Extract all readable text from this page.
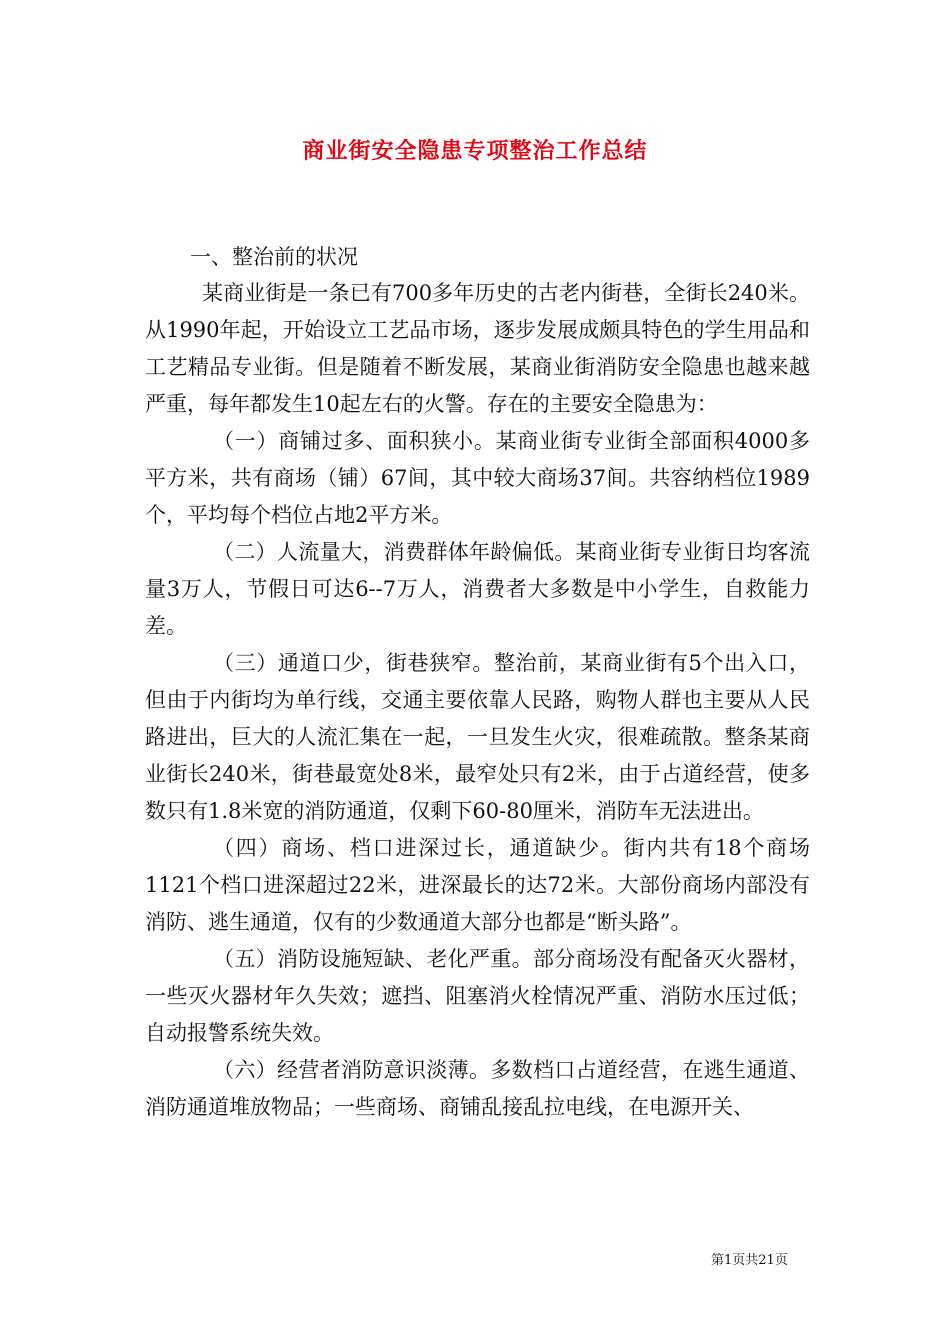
商业街安全隐患专项整治工作总结
一、整治前的状况

某商业街是一条已有700多年历史的古老内街巷，全街长240米。从1990年起，开始设立工艺品市场，逐步发展成颇具特色的学生用品和工艺精品专业街。但是随着不断发展，某商业街消防安全隐患也越来越严重，每年都发生10起左右的火警。存在的主要安全隐患为：

（一）商铺过多、面积狭小。某商业街专业街全部面积4000多平方米，共有商场（铺）67间，其中较大商场37间。共容纳档位1989个，平均每个档位占地2平方米。

（二）人流量大，消费群体年龄偏低。某商业街专业街日均客流量3万人，节假日可达6--7万人，消费者大多数是中小学生，自救能力差。

（三）通道口少，街巷狭窄。整治前，某商业街有5个出入口，但由于内街均为单行线，交通主要依靠人民路，购物人群也主要从人民路进出，巨大的人流汇集在一起，一旦发生火灾，很难疏散。整条某商业街长240米，街巷最宽处8米，最窄处只有2米，由于占道经营，使多数只有1.8米宽的消防通道，仅剩下60-80厘米，消防车无法进出。

（四）商场、档口进深过长，通道缺少。街内共有18个商场1121个档口进深超过22米，进深最长的达72米。大部份商场内部没有消防、逃生通道，仅有的少数通道大部分也都是“断头路”。

（五）消防设施短缺、老化严重。部分商场没有配备灭火器材，一些灭火器材年久失效；遮挡、阻塞消火栓情况严重、消防水压过低；自动报警系统失效。

（六）经营者消防意识淡薄。多数档口占道经营，在逃生通道、消防通道堆放物品；一些商场、商铺乱接乱拉电线，在电源开关、

第1页共21页
